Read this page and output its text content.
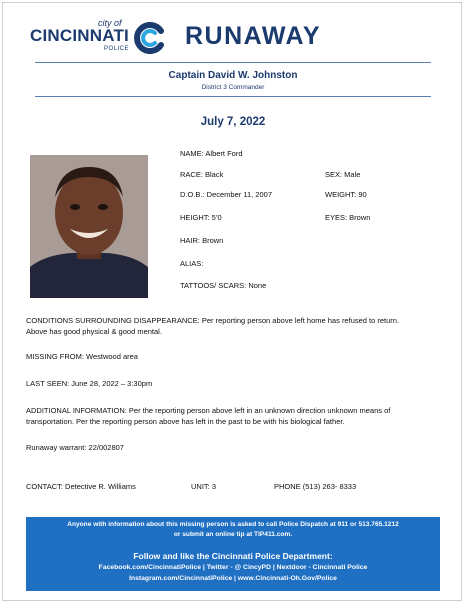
city of
CINCINNATI
POLICE RUNAWAY
Captain David W. Johnston
District 3 Commander
July 7, 2022
NAME: Albert Ford
RACE: Black	SEX: Male
D.O.B.: December 11, 2007	WEIGHT: 90
HEIGHT: 5’0	EYES: Brown
HAIR: Brown
ALIAS:
TATTOOS/ SCARS: None
CONDITIONS SURROUNDING DISAPPEARANCE: Per reporting person above left home has refused to return.
Above has good physical & good mental.
MISSING FROM: Westwood area
LAST SEEN: June 28, 2022 – 3:30pm
ADDITIONAL INFORMATION: Per the reporting person above left in an unknown direction unknown means of
transportation. Per the reporting person above has left in the past to be with his biological father.
Runaway warrant: 22/002807
CONTACT: Detective R. Williams	UNIT: 3	PHONE (513) 263- 8333
Anyone with information about this missing person is asked to call Police Dispatch at 911 or 513.765.1212
or submit an online tip at TIP411.com.
Follow and like the Cincinnati Police Department:
Facebook.com/CincinnatiPolice | Twitter - @ CincyPD | Nextdoor - Cincinnati Police
Instagram.com/CincinnatiPolice | www.Cincinnati-Oh.Gov/Police
